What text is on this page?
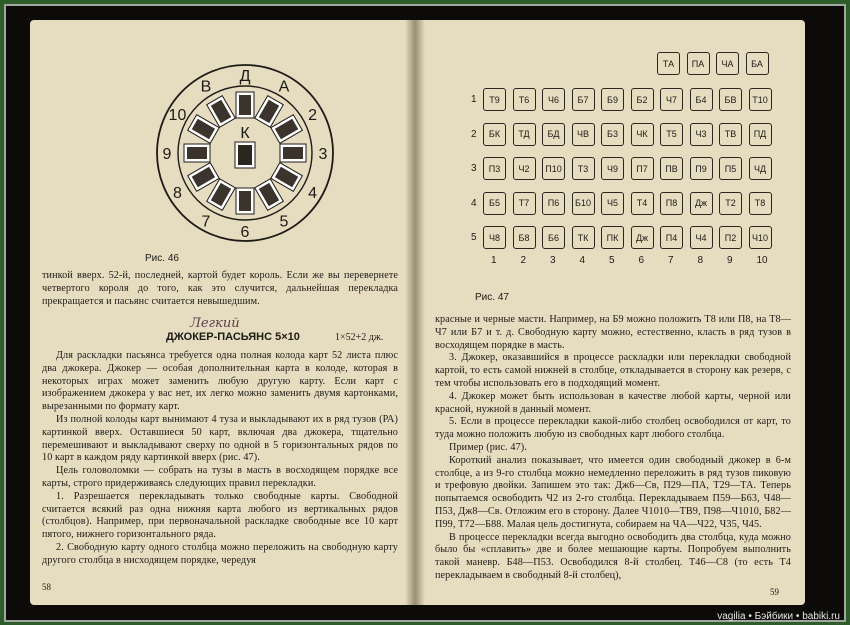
К
В
Д
А
2
3
4
5
6
7
8
9
10
Рис. 46

тинкой вверх. 52-й, последней, картой будет король. Если же вы перевернете четвертого короля до того, как это случится, дальнейшая перекладка прекращается и пасьянс считается невышедшим.

Легкий
ДЖОКЕР-ПАСЬЯНС 5×10	1×52+2 дж.

Для раскладки пасьянса требуется одна полная колода карт 52 листа плюс два джокера. Джокер — особая дополнительная карта в колоде, которая в некоторых играх может заменить любую другую карту. Если карт с изображением джокера у вас нет, их легко можно заменить двумя картонками, вырезанными по формату карт.

Из полной колоды карт вынимают 4 туза и выкладывают их в ряд тузов (РА) картинкой вверх. Оставшиеся 50 карт, включая два джокера, тщательно перемешивают и выкладывают сверху по одной в 5 горизонтальных рядов по 10 карт в каждом ряду картинкой вверх (рис. 47).

Цель головоломки — собрать на тузы в масть в восходящем порядке все карты, строго придерживаясь следующих правил перекладки.

1. Разрешается перекладывать только свободные карты. Свободной считается всякий раз одна нижняя карта любого из вертикальных рядов (столбцов). Например, при первоначальной раскладке свободные все 10 карт пятого, нижнего горизонтального ряда.

2. Свободную карту одного столбца можно переложить на свободную карту другого столбца в нисходящем порядке, чередуя

58
ТА	ПА	ЧА	БА
1	Т9	Т6	Ч6	Б7	Б9	Б2	Ч7	Б4	БВ	Т10
2	БК	ТД	БД	ЧВ	Б3	ЧК	Т5	Ч3	ТВ	ПД
3	П3	Ч2	П10	Т3	Ч9	П7	ПВ	П9	П5	ЧД
4	Б5	Т7	П6	Б10	Ч5	Т4	П8	Дж	Т2	Т8
5	Ч8	Б8	Б6	ТК	ПК	Дж	П4	Ч4	П2	Ч10
1 2 3 4 5 6 7 8 9 10
Рис. 47

красные и черные масти. Например, на Б9 можно положить Т8 или П8, на Т8—Ч7 или Б7 и т. д. Свободную карту можно, естественно, класть в ряд тузов в восходящем порядке в масть.

3. Джокер, оказавшийся в процессе раскладки или перекладки свободной картой, то есть самой нижней в столбце, откладывается в сторону как резерв, с тем чтобы использовать его в подходящий момент.

4. Джокер может быть использован в качестве любой карты, черной или красной, нужной в данный момент.

5. Если в процессе перекладки какой-либо столбец освободился от карт, то туда можно положить любую из свободных карт любого столбца.

Пример (рис. 47).

Короткий анализ показывает, что имеется один свободный джокер в 6-м столбце, а из 9-го столбца можно немедленно переложить в ряд тузов пиковую и трефовую двойки. Запишем это так: Дж6—Св, П29—ПА, Т29—ТА. Теперь попытаемся освободить Ч2 из 2-го столбца. Перекладываем П59—Б63, Ч48—П53, Дж8—Св. Отложим его в сторону. Далее Ч1010—ТВ9, П98—Ч1010, Б82—П99, Т72—Б88. Малая цель достигнута, собираем на ЧА—Ч22, Ч35, Ч45.

В процессе перекладки всегда выгодно освободить два столбца, куда можно было бы «сплавить» две и более мешающие карты. Попробуем выполнить такой маневр. Б48—П53. Освободился 8-й столбец. Т46—С8 (то есть Т4 перекладываем в свободный 8-й столбец),

59
vagilia • Бэйбики • babiki.ru
